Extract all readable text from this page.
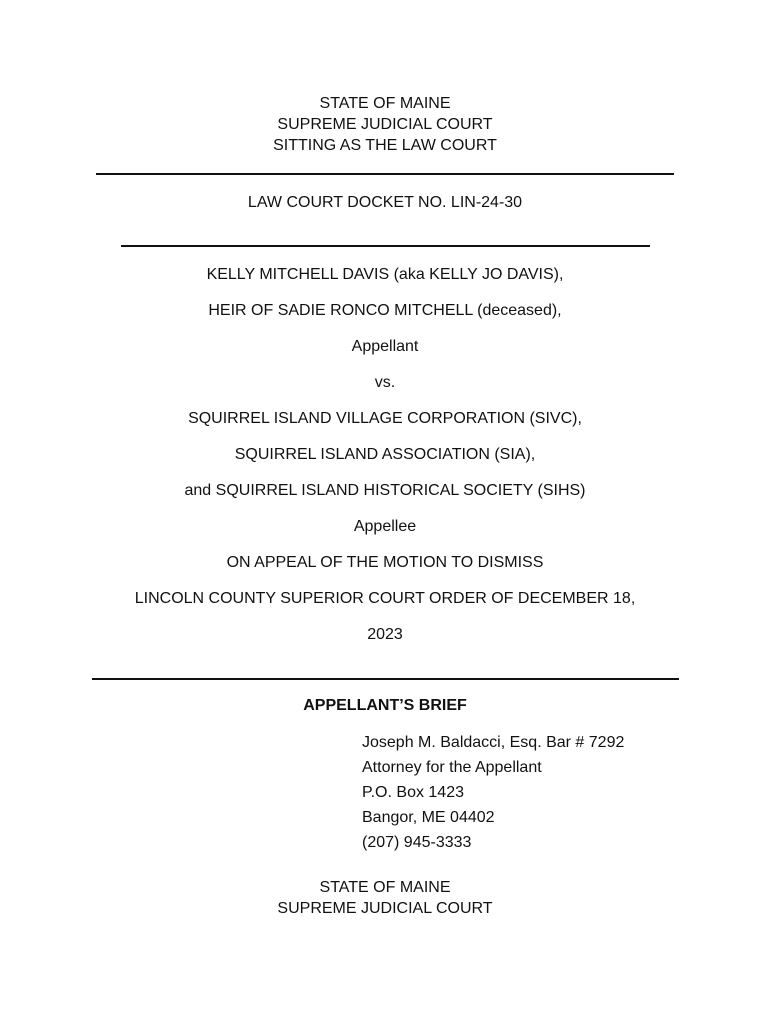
STATE OF MAINE
SUPREME JUDICIAL COURT
SITTING AS THE LAW COURT
LAW COURT DOCKET NO. LIN-24-30
KELLY MITCHELL DAVIS (aka KELLY JO DAVIS),
HEIR OF SADIE RONCO MITCHELL (deceased),
Appellant
vs.
SQUIRREL ISLAND VILLAGE CORPORATION (SIVC),
SQUIRREL ISLAND ASSOCIATION (SIA),
and SQUIRREL ISLAND HISTORICAL SOCIETY (SIHS)
Appellee
ON APPEAL OF THE MOTION TO DISMISS
LINCOLN COUNTY SUPERIOR COURT ORDER OF DECEMBER 18,
2023
APPELLANT’S BRIEF
Joseph M. Baldacci, Esq. Bar # 7292
Attorney for the Appellant
P.O. Box 1423
Bangor, ME 04402
(207) 945-3333
STATE OF MAINE
SUPREME JUDICIAL COURT
